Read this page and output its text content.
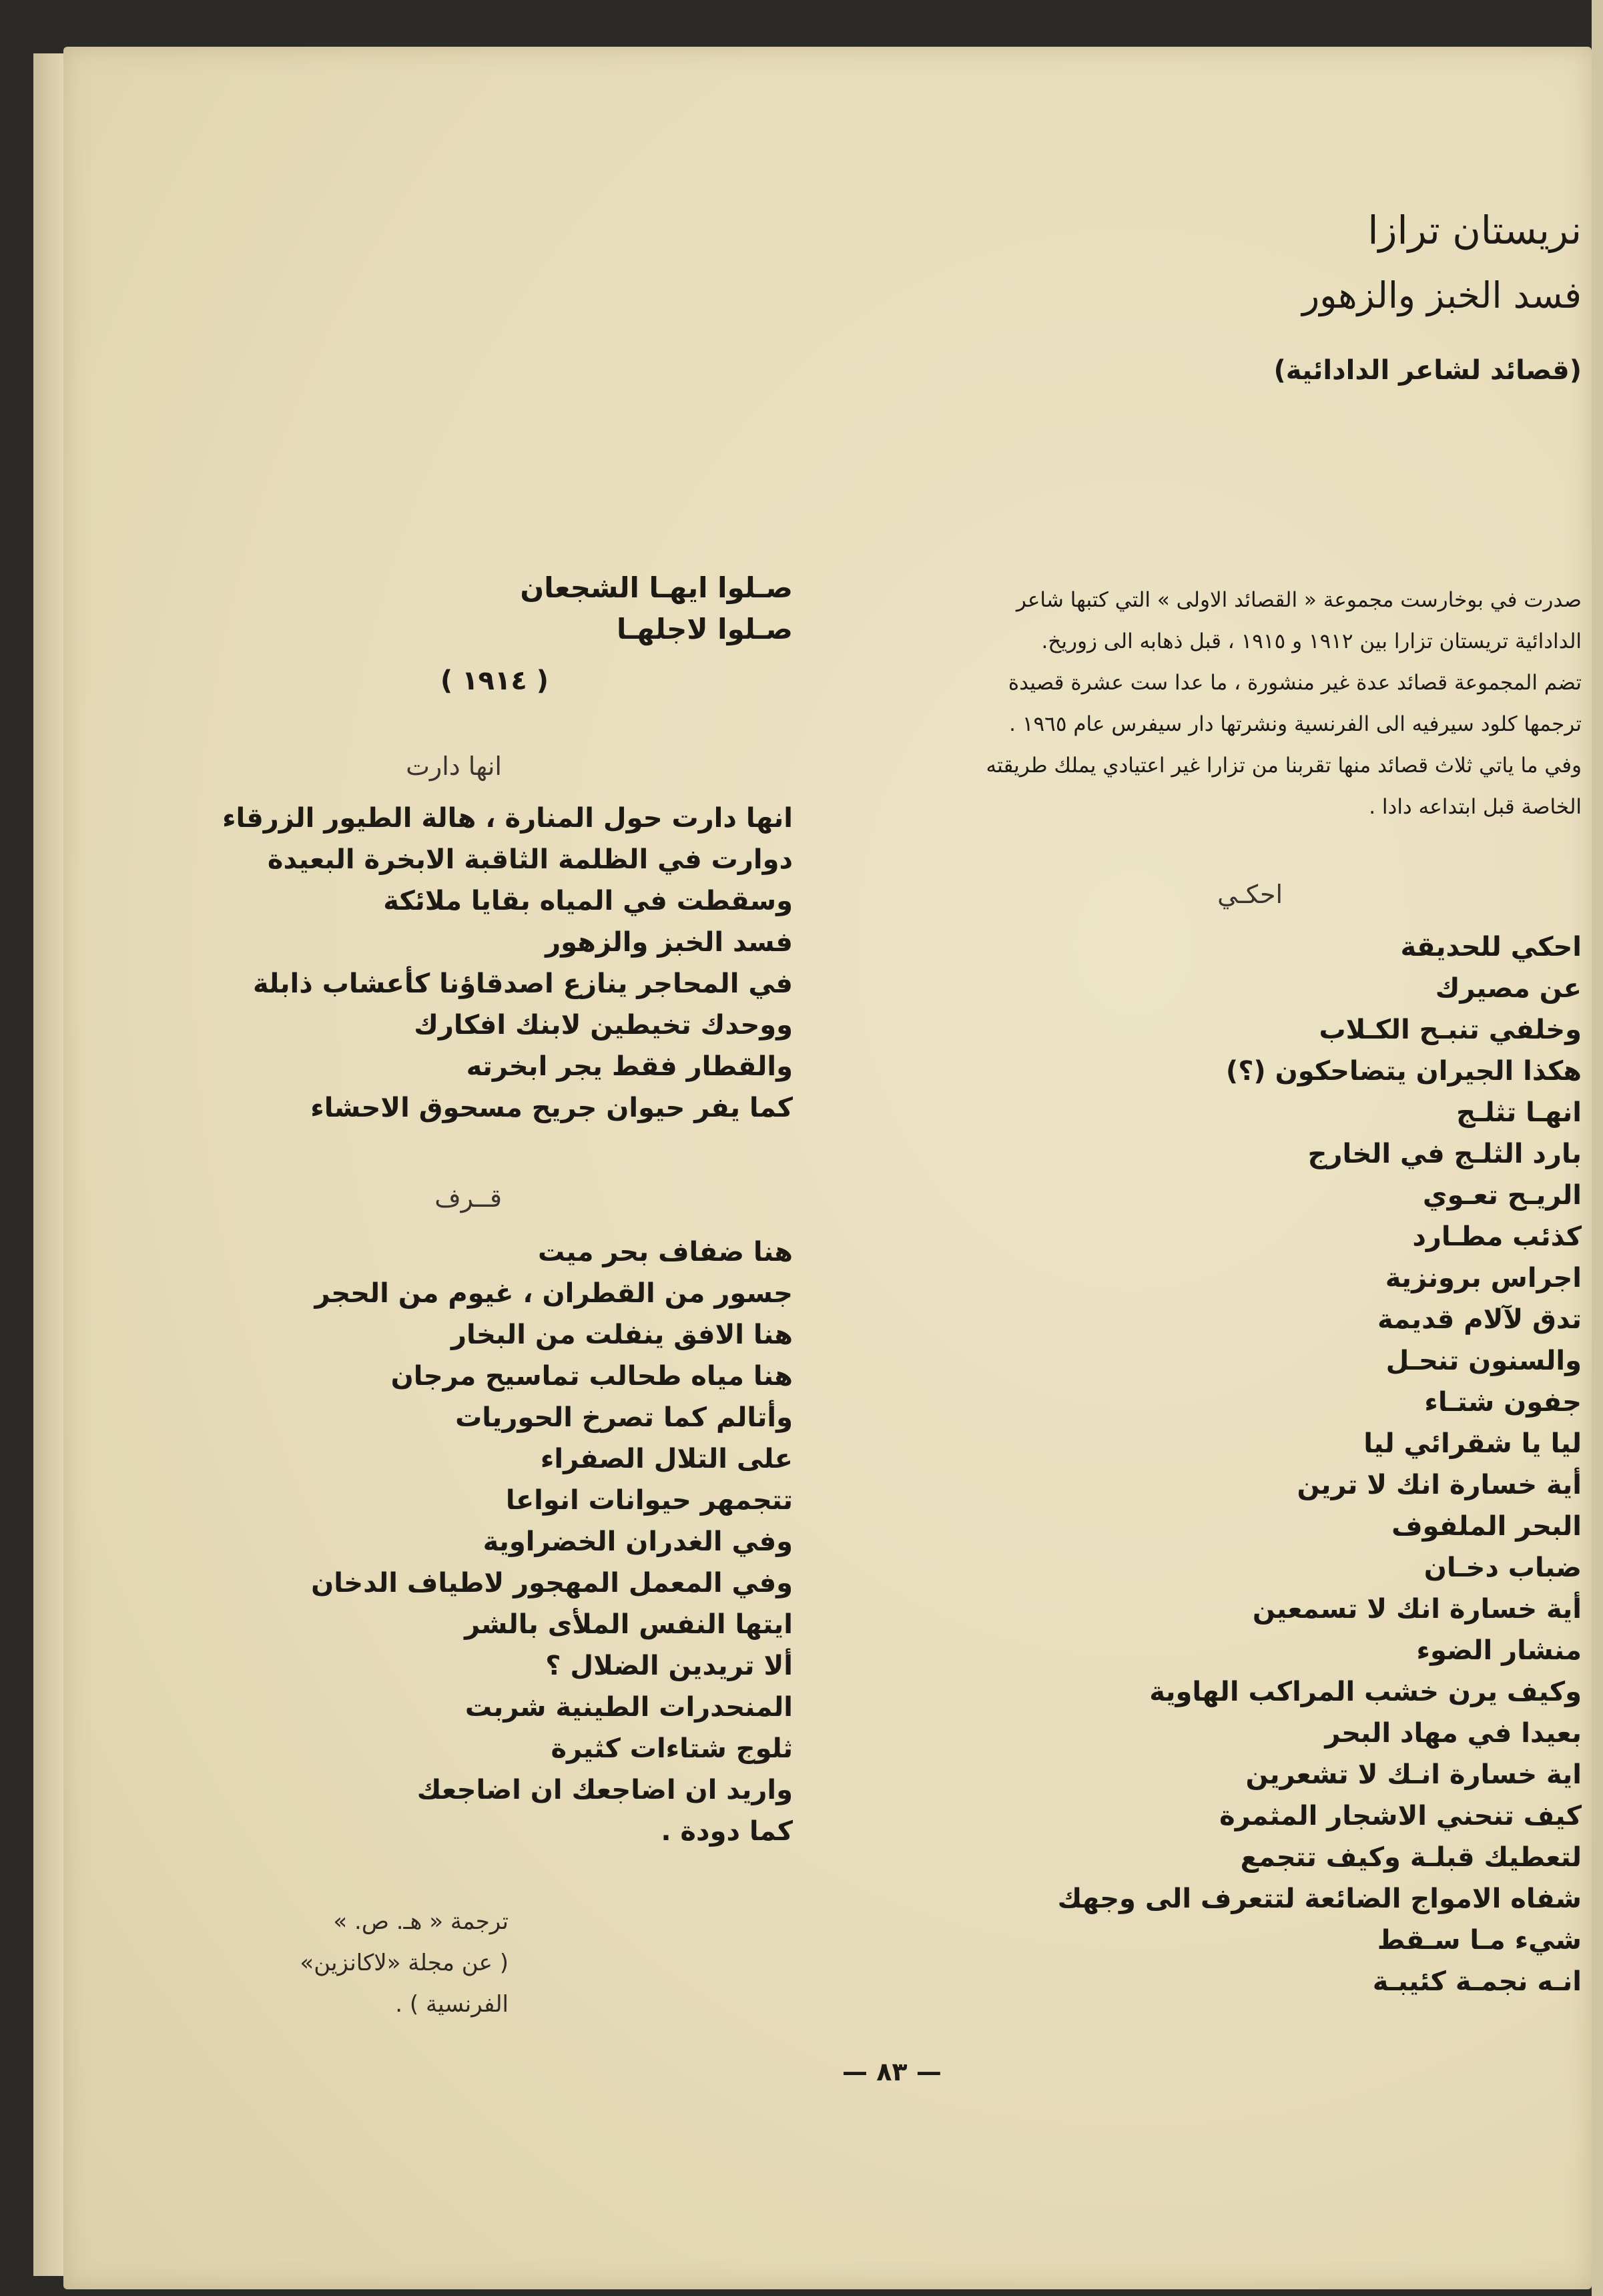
نريستان ترازا
فسد الخبز والزهور
(قصائد لشاعر الدادائية)
صدرت في بوخارست مجموعة « القصائد الاولى » التي كتبها شاعر
الدادائية تريستان تزارا بين ١٩١٢ و ١٩١٥ ، قبل ذهابه الى زوريخ.
تضم المجموعة قصائد عدة غير منشورة ، ما عدا ست عشرة قصيدة
ترجمها كلود سيرفيه الى الفرنسية ونشرتها دار سيفرس عام ١٩٦٥ .
وفي ما ياتي ثلاث قصائد منها تقربنا من تزارا غير اعتيادي يملك طريقته
الخاصة قبل ابتداعه دادا .
احكـي
احكي للحديقة
عن مصيرك
وخلفي تنبـح الكـلاب
هكذا الجيران يتضاحكون (؟)
انهـا تثلـج
بارد الثلـج في الخارج
الريـح تعـوي
كذئب مطـارد
اجراس برونزية
تدق لآلام قديمة
والسنون تنحـل
جفون شتـاء
ليا يا شقرائي ليا
أية خسارة انك لا ترين
البحر الملفوف
ضباب دخـان
أية خسارة انك لا تسمعين
منشار الضوء
وكيف يرن خشب المراكب الهاوية
بعيدا في مهاد البحر
اية خسارة انـك لا تشعرين
كيف تنحني الاشجار المثمرة
لتعطيك قبلـة وكيف تتجمع
شفاه الامواج الضائعة لتتعرف الى وجهك
شيء مـا سـقط
انـه نجمـة كئيبـة
صـلوا ايهـا الشجعان
صـلوا لاجلهـا
( ١٩١٤ )
انها دارت
انها دارت حول المنارة ، هالة الطيور الزرقاء
دوارت في الظلمة الثاقبة الابخرة البعيدة
وسقطت في المياه بقايا ملائكة
فسد الخبز والزهور
في المحاجر ينازع اصدقاؤنا كأعشاب ذابلة
ووحدك تخيطين لابنك افكارك
والقطار فقط يجر ابخرته
كما يفر حيوان جريح مسحوق الاحشاء
قــرف
هنا ضفاف بحر ميت
جسور من القطران ، غيوم من الحجر
هنا الافق ينفلت من البخار
هنا مياه طحالب تماسيح مرجان
وأتالم كما تصرخ الحوريات
على التلال الصفراء
تتجمهر حيوانات انواعا
وفي الغدران الخضراوية
وفي المعمل المهجور لاطياف الدخان
ايتها النفس الملأى بالشر
ألا تريدين الضلال ؟
المنحدرات الطينية شربت
ثلوج شتاءات كثيرة
واريد ان اضاجعك ان اضاجعك
كما دودة .
ترجمة « هـ. ص. »
( عن مجلة «لاكانزين»
الفرنسية ) .
— ٨٣ —
